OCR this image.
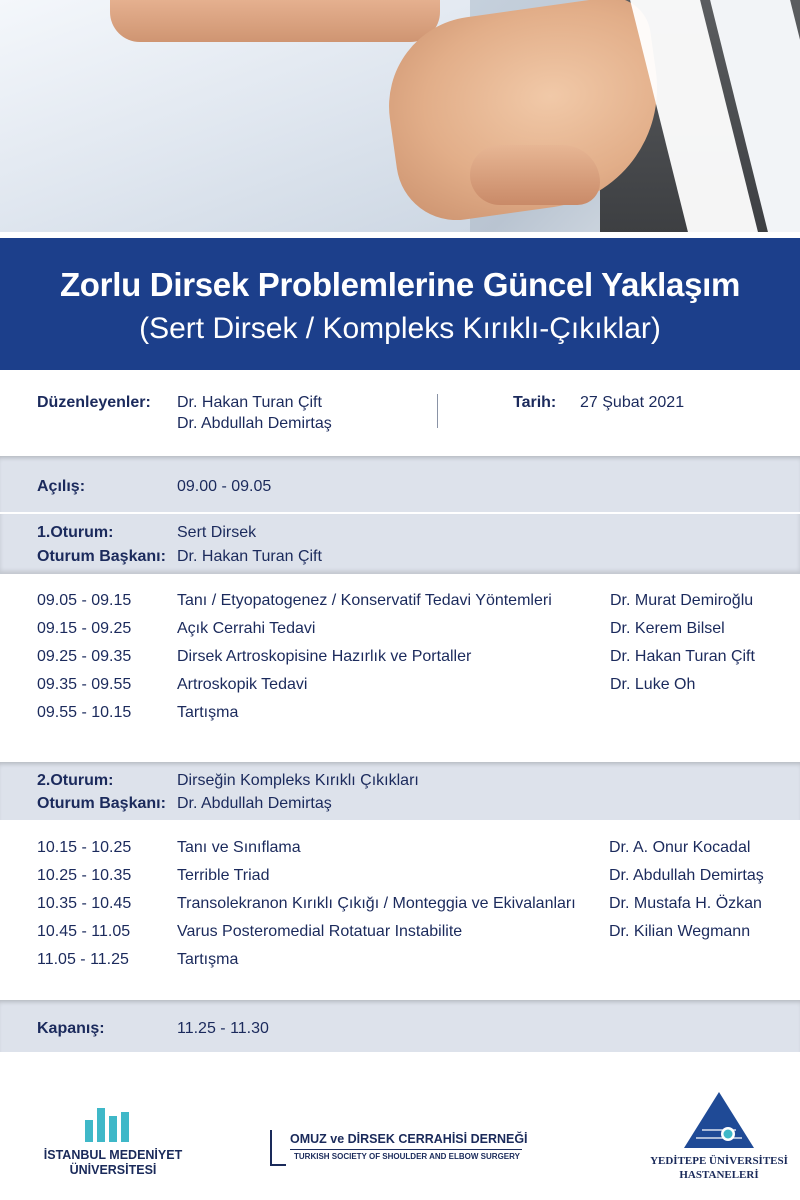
Zorlu Dirsek Problemlerine Güncel Yaklaşım
(Sert Dirsek / Kompleks Kırıklı-Çıkıklar)
Düzenleyenler: Dr. Hakan Turan Çift
Dr. Abdullah Demirtaş
Tarih: 27 Şubat 2021
Açılış:	09.00 - 09.05
1.Oturum:	Sert Dirsek
Oturum Başkanı: Dr. Hakan Turan Çift
09.05 - 09.15	Tanı / Etyopatogenez / Konservatif Tedavi Yöntemleri	Dr. Murat Demiroğlu
09.15 - 09.25	Açık Cerrahi Tedavi	Dr. Kerem Bilsel
09.25 - 09.35	Dirsek Artroskopisine Hazırlık ve Portaller	Dr. Hakan Turan Çift
09.35 - 09.55	Artroskopik Tedavi	Dr. Luke Oh
09.55 - 10.15	Tartışma
2.Oturum:	Dirseğin Kompleks Kırıklı Çıkıkları
Oturum Başkanı: Dr. Abdullah Demirtaş
10.15 - 10.25	Tanı ve Sınıflama	Dr. A. Onur Kocadal
10.25 - 10.35	Terrible Triad	Dr. Abdullah Demirtaş
10.35 - 10.45	Transolekranon Kırıklı Çıkığı / Monteggia ve Ekivalanları Dr. Mustafa H. Özkan
10.45 - 11.05	Varus Posteromedial Rotatuar Instabilite	Dr. Kilian Wegmann
11.05 - 11.25	Tartışma
Kapanış:	11.25 - 11.30
İSTANBUL MEDENİYET
ÜNİVERSİTESİ
OMUZ ve DİRSEK CERRAHİSİ DERNEĞİ
TURKISH SOCIETY OF SHOULDER AND ELBOW SURGERY	YEDİTEPE ÜNİVERSİTESİ
HASTANELERİ
